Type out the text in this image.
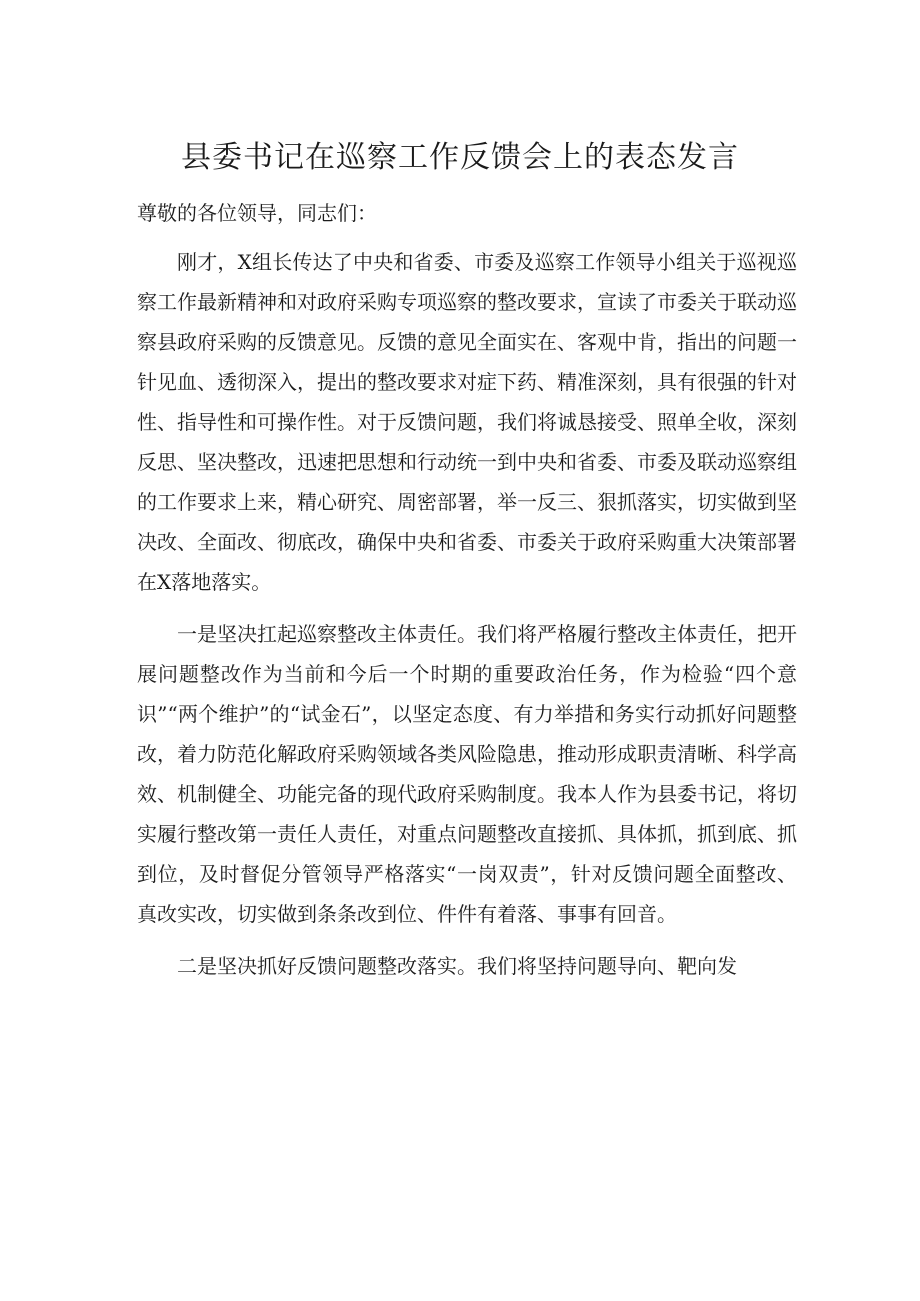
县委书记在巡察工作反馈会上的表态发言

尊敬的各位领导，同志们：

刚才，X组长传达了中央和省委、市委及巡察工作领导小组关于巡视巡察工作最新精神和对政府采购专项巡察的整改要求，宣读了市委关于联动巡察县政府采购的反馈意见。反馈的意见全面实在、客观中肯，指出的问题一针见血、透彻深入，提出的整改要求对症下药、精准深刻，具有很强的针对性、指导性和可操作性。对于反馈问题，我们将诚恳接受、照单全收，深刻反思、坚决整改，迅速把思想和行动统一到中央和省委、市委及联动巡察组的工作要求上来，精心研究、周密部署，举一反三、狠抓落实，切实做到坚决改、全面改、彻底改，确保中央和省委、市委关于政府采购重大决策部署在X落地落实。

一是坚决扛起巡察整改主体责任。我们将严格履行整改主体责任，把开展问题整改作为当前和今后一个时期的重要政治任务，作为检验“四个意识”“两个维护”的“试金石”，以坚定态度、有力举措和务实行动抓好问题整改，着力防范化解政府采购领域各类风险隐患，推动形成职责清晰、科学高效、机制健全、功能完备的现代政府采购制度。我本人作为县委书记，将切实履行整改第一责任人责任，对重点问题整改直接抓、具体抓，抓到底、抓到位，及时督促分管领导严格落实“一岗双责”，针对反馈问题全面整改、真改实改，切实做到条条改到位、件件有着落、事事有回音。

二是坚决抓好反馈问题整改落实。我们将坚持问题导向、靶向发
